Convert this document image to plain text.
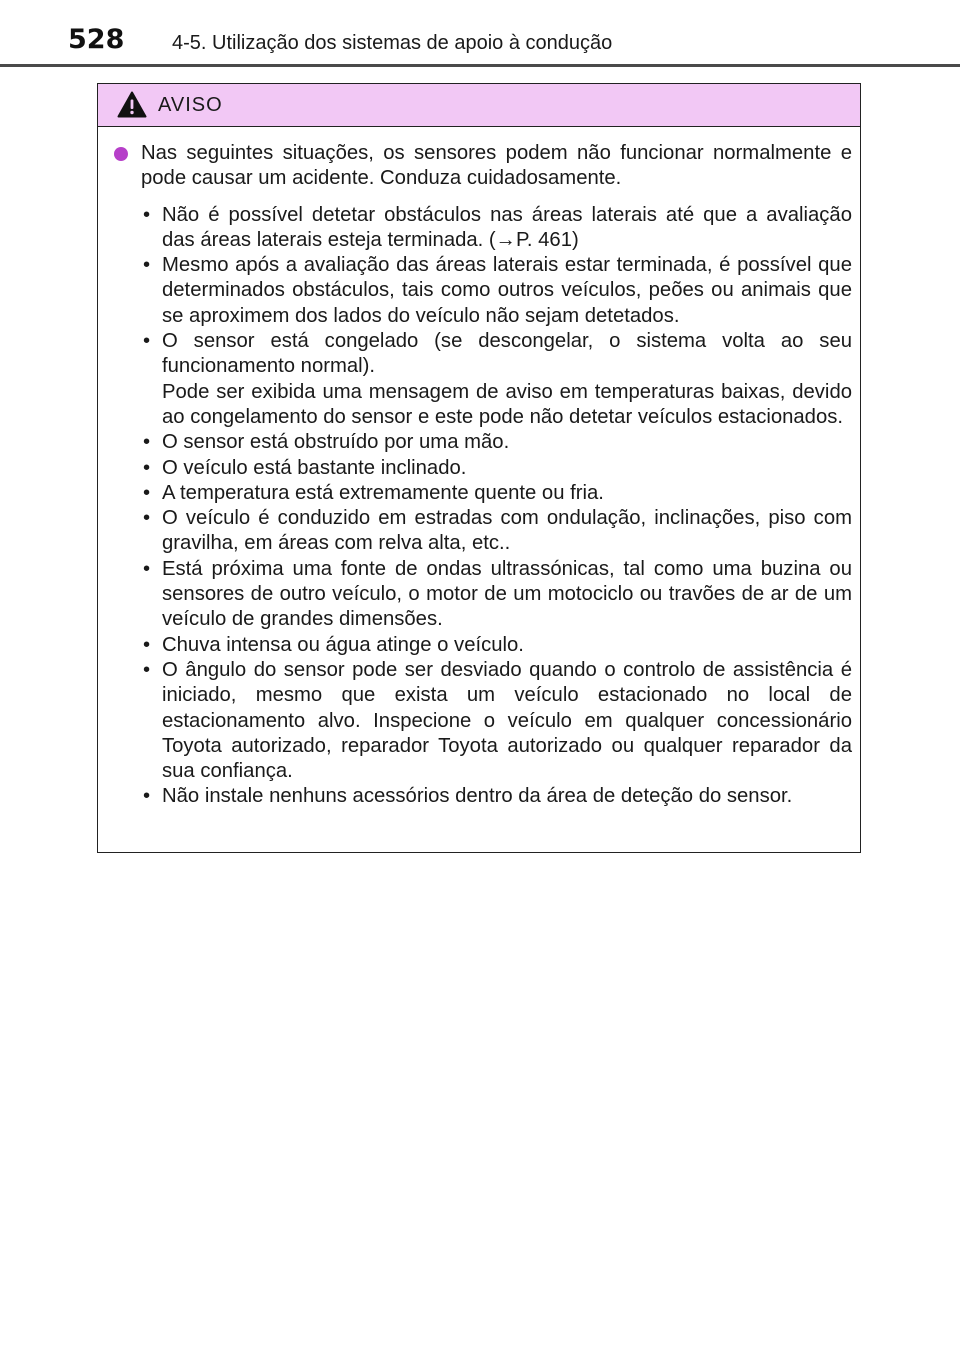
528 4-5. Utilização dos sistemas de apoio à condução
AVISO
Nas seguintes situações, os sensores podem não funcionar normalmente e pode causar um acidente. Conduza cuidadosamente.
• Não é possível detetar obstáculos nas áreas laterais até que a avaliação das áreas laterais esteja terminada. (→P. 461)
• Mesmo após a avaliação das áreas laterais estar terminada, é possível que determinados obstáculos, tais como outros veículos, peões ou animais que se aproximem dos lados do veículo não sejam detetados.
• O sensor está congelado (se descongelar, o sistema volta ao seu funcionamento normal).
Pode ser exibida uma mensagem de aviso em temperaturas baixas, devido ao congelamento do sensor e este pode não detetar veículos estacionados.
• O sensor está obstruído por uma mão.
• O veículo está bastante inclinado.
• A temperatura está extremamente quente ou fria.
• O veículo é conduzido em estradas com ondulação, inclinações, piso com gravilha, em áreas com relva alta, etc..
• Está próxima uma fonte de ondas ultrassónicas, tal como uma buzina ou sensores de outro veículo, o motor de um motociclo ou travões de ar de um veículo de grandes dimensões.
• Chuva intensa ou água atinge o veículo.
• O ângulo do sensor pode ser desviado quando o controlo de assistência é iniciado, mesmo que exista um veículo estacionado no local de estacionamento alvo. Inspecione o veículo em qualquer concessionário Toyota autorizado, reparador Toyota autorizado ou qualquer reparador da sua confiança.
• Não instale nenhuns acessórios dentro da área de deteção do sensor.
